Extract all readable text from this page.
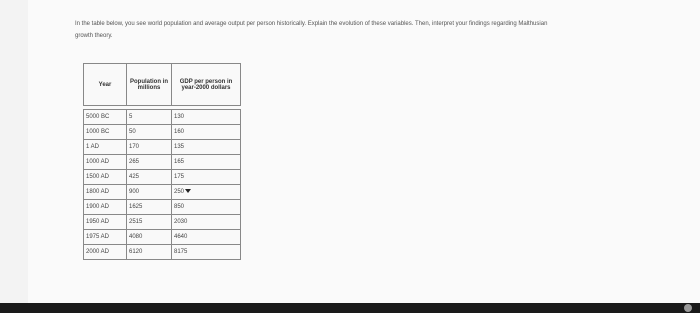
In the table below, you see world population and average output per person historically. Explain the evolution of these variables. Then, interpret your findings regarding Malthusian
growth theory.
Year	Population in millions	GDP per person in year-2000 dollars

5000 BC	5	130
1000 BC	50	160
1 AD	170	135
1000 AD	265	165
1500 AD	425	175
1800 AD	900	250
1900 AD	1625	850
1950 AD	2515	2030
1975 AD	4080	4640
2000 AD	6120	8175
